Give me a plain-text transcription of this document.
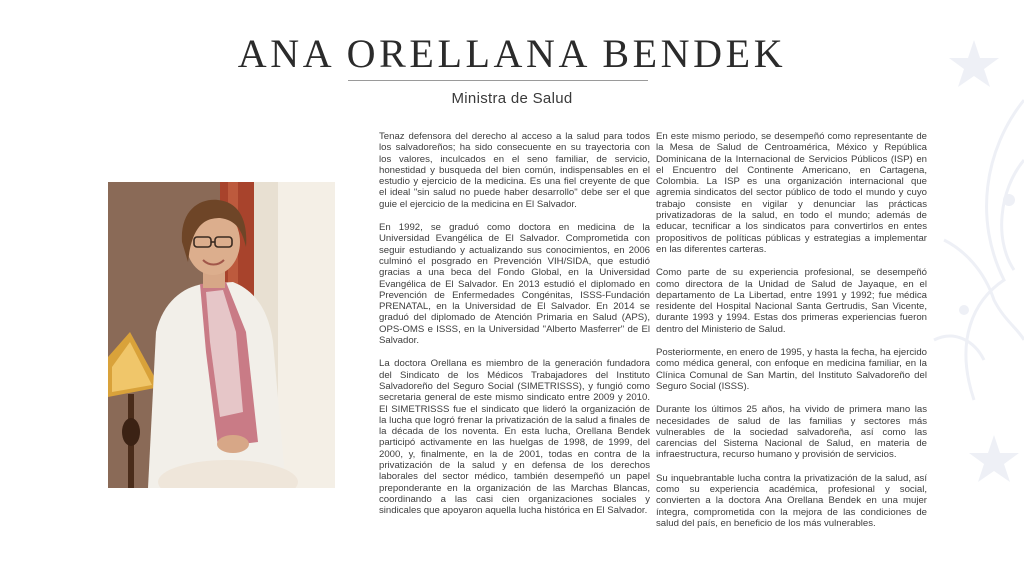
ANA ORELLANA BENDEK
Ministra de Salud

Tenaz defensora del derecho al acceso a la salud para todos los salvadoreños; ha sido consecuente en su trayectoria con los valores, inculcados en el seno familiar, de servicio, honestidad y busqueda del bien común, indispensables en el estudio y ejercicio de la medicina. Es una fiel creyente de que el ideal "sin salud no puede haber desarrollo" debe ser el que guie el ejercicio de la medicina en El Salvador.

En 1992, se graduó como doctora en medicina de la Universidad Evangélica de El Salvador. Comprometida con seguir estudiando y actualizando sus conocimientos, en 2006 culminó el posgrado en Prevención VIH/SIDA, que estudió gracias a una beca del Fondo Global, en la Universidad Evangélica de El Salvador. En 2013 estudió el diplomado en Prevención de Enfermedades Congénitas, ISSS-Fundación PRENATAL, en la Universidad de El Salvador. En 2014 se graduó del diplomado de Atención Primaria en Salud (APS), OPS-OMS e ISSS, en la Universidad "Alberto Masferrer" de El Salvador.

La doctora Orellana es miembro de la generación fundadora del Sindicato de los Médicos Trabajadores del Instituto Salvadoreño del Seguro Social (SIMETRISSS), y fungió como secretaria general de este mismo sindicato entre 2009 y 2010. El SIMETRISSS fue el sindicato que lideró la organización de la lucha que logró frenar la privatización de la salud a finales de la década de los noventa. En esta lucha, Orellana Bendek participó activamente en las huelgas de 1998, de 1999, del 2000, y, finalmente, en la de 2001, todas en contra de la privatización de la salud y en defensa de los derechos laborales del sector médico, también desempeñó un papel preponderante en la organización de las Marchas Blancas, coordinando a las casi cien organizaciones sociales y sindicales que apoyaron aquella lucha histórica en El Salvador.

En este mismo periodo, se desempeñó como representante de la Mesa de Salud de Centroamérica, México y República Dominicana de la Internacional de Servicios Públicos (ISP) en el Encuentro del Continente Americano, en Cartagena, Colombia. La ISP es una organización internacional que agremia sindicatos del sector público de todo el mundo y cuyo trabajo consiste en vigilar y denunciar las prácticas privatizadoras de la salud, en todo el mundo; además de educar, tecnificar a los sindicatos para convertirlos en entes propositivos de políticas públicas y estrategias a implementar en las diferentes carteras.

Como parte de su experiencia profesional, se desempeñó como directora de la Unidad de Salud de Jayaque, en el departamento de La Libertad, entre 1991 y 1992; fue médica residente del Hospital Nacional Santa Gertrudis, San Vicente, durante 1993 y 1994. Estas dos primeras experiencias fueron dentro del Ministerio de Salud.

Posteriormente, en enero de 1995, y hasta la fecha, ha ejercido como médica general, con enfoque en medicina familiar, en la Clínica Comunal de San Martin, del Instituto Salvadoreño del Seguro Social (ISSS).

Durante los últimos 25 años, ha vivido de primera mano las necesidades de salud de las familias y sectores más vulnerables de la sociedad salvadoreña, así como las carencias del Sistema Nacional de Salud, en materia de infraestructura, recurso humano y provisión de servicios.

Su inquebrantable lucha contra la privatización de la salud, así como su experiencia académica, profesional y social, convierten a la doctora Ana Orellana Bendek en una mujer íntegra, comprometida con la mejora de las condiciones de salud del país, en beneficio de los más vulnerables.
